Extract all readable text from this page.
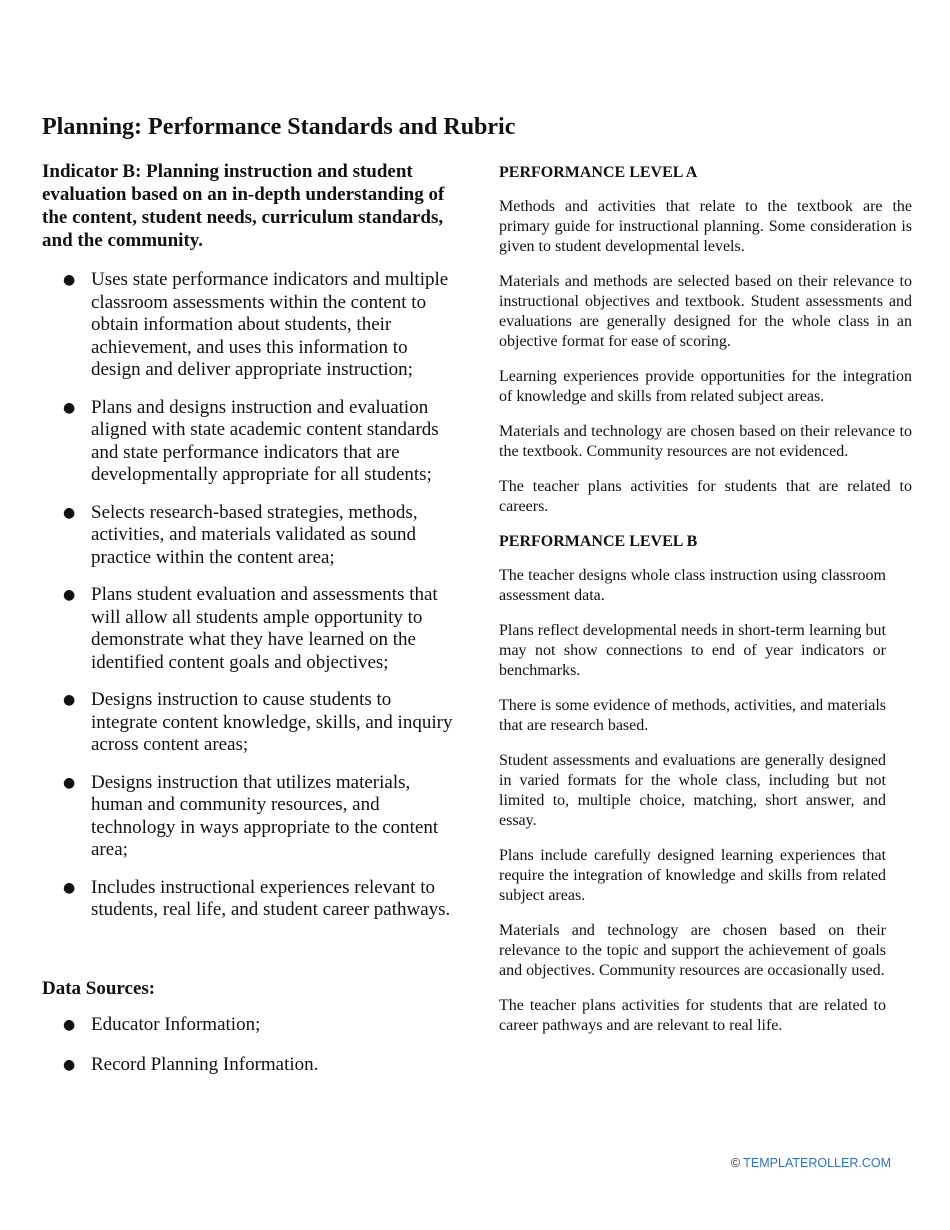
Planning: Performance Standards and Rubric

Indicator B: Planning instruction and student evaluation based on an in-depth understanding of the content, student needs, curriculum standards, and the community.

● Uses state performance indicators and multiple classroom assessments within the content to obtain information about students, their achievement, and uses this information to design and deliver appropriate instruction;
● Plans and designs instruction and evaluation aligned with state academic content standards and state performance indicators that are developmentally appropriate for all students;
● Selects research-based strategies, methods, activities, and materials validated as sound practice within the content area;
● Plans student evaluation and assessments that will allow all students ample opportunity to demonstrate what they have learned on the identified content goals and objectives;
● Designs instruction to cause students to integrate content knowledge, skills, and inquiry across content areas;
● Designs instruction that utilizes materials, human and community resources, and technology in ways appropriate to the content area;
● Includes instructional experiences relevant to students, real life, and student career pathways.

Data Sources:

● Educator Information;
● Record Planning Information.

PERFORMANCE LEVEL A

Methods and activities that relate to the textbook are the primary guide for instructional planning. Some consideration is given to student developmental levels.

Materials and methods are selected based on their relevance to instructional objectives and textbook. Student assessments and evaluations are generally designed for the whole class in an objective format for ease of scoring.

Learning experiences provide opportunities for the integration of knowledge and skills from related subject areas.

Materials and technology are chosen based on their relevance to the textbook. Community resources are not evidenced.

The teacher plans activities for students that are related to careers.

PERFORMANCE LEVEL B

The teacher designs whole class instruction using classroom assessment data.

Plans reflect developmental needs in short-term learning but may not show connections to end of year indicators or benchmarks.

There is some evidence of methods, activities, and materials that are research based.

Student assessments and evaluations are generally designed in varied formats for the whole class, including but not limited to, multiple choice, matching, short answer, and essay.

Plans include carefully designed learning experiences that require the integration of knowledge and skills from related subject areas.

Materials and technology are chosen based on their relevance to the topic and support the achievement of goals and objectives. Community resources are occasionally used.

The teacher plans activities for students that are related to career pathways and are relevant to real life.

© TEMPLATEROLLER.COM
